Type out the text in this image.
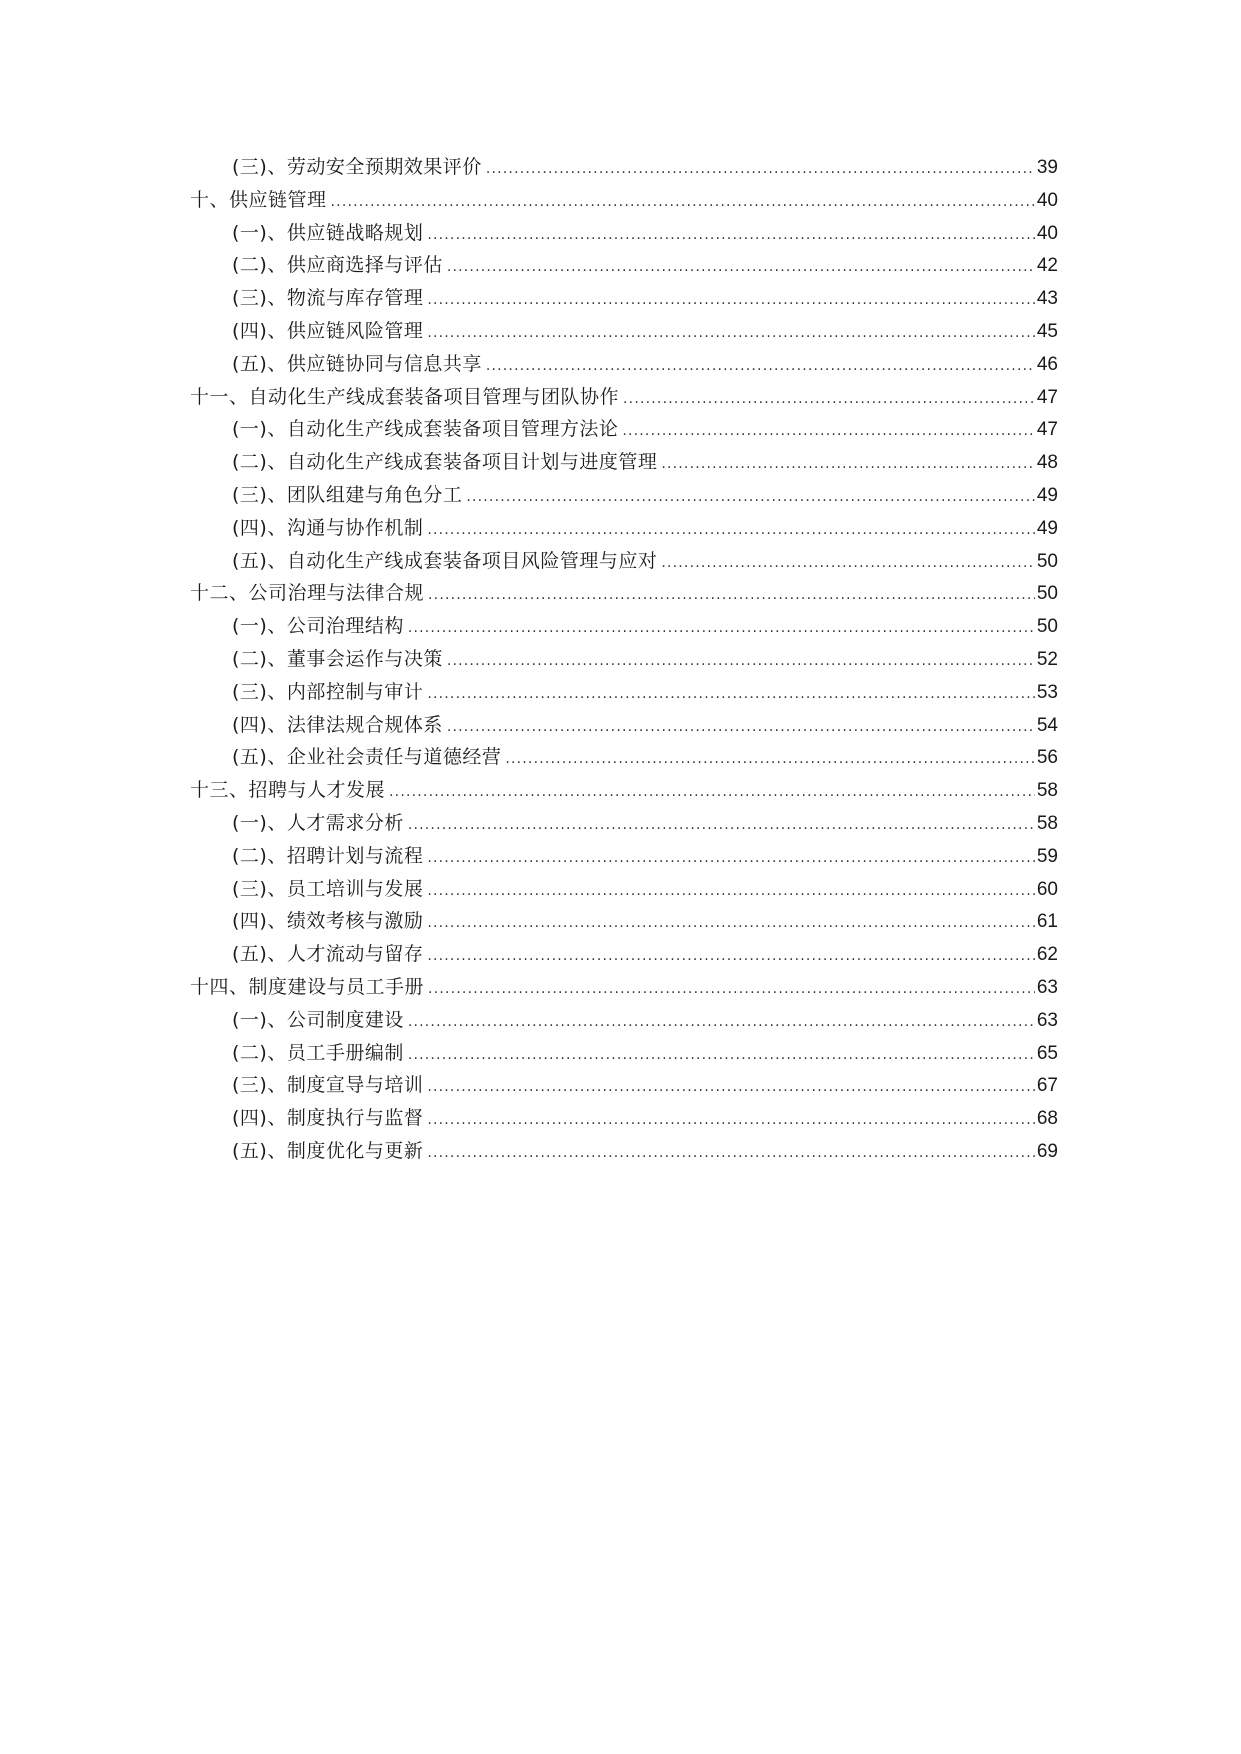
(三)、劳动安全预期效果评价 .....	39
十、供应链管理 .....	40
(一)、供应链战略规划 .....	40
(二)、供应商选择与评估 .....	42
(三)、物流与库存管理 .....	43
(四)、供应链风险管理 .....	45
(五)、供应链协同与信息共享 .....	46
十一、自动化生产线成套装备项目管理与团队协作 .....	47
(一)、自动化生产线成套装备项目管理方法论 .....	47
(二)、自动化生产线成套装备项目计划与进度管理 .....	48
(三)、团队组建与角色分工 .....	49
(四)、沟通与协作机制 .....	49
(五)、自动化生产线成套装备项目风险管理与应对 .....	50
十二、公司治理与法律合规 .....	50
(一)、公司治理结构 .....	50
(二)、董事会运作与决策 .....	52
(三)、内部控制与审计 .....	53
(四)、法律法规合规体系 .....	54
(五)、企业社会责任与道德经营 .....	56
十三、招聘与人才发展 .....	58
(一)、人才需求分析 .....	58
(二)、招聘计划与流程 .....	59
(三)、员工培训与发展 .....	60
(四)、绩效考核与激励 .....	61
(五)、人才流动与留存 .....	62
十四、制度建设与员工手册 .....	63
(一)、公司制度建设 .....	63
(二)、员工手册编制 .....	65
(三)、制度宣导与培训 .....	67
(四)、制度执行与监督 .....	68
(五)、制度优化与更新 .....	69
